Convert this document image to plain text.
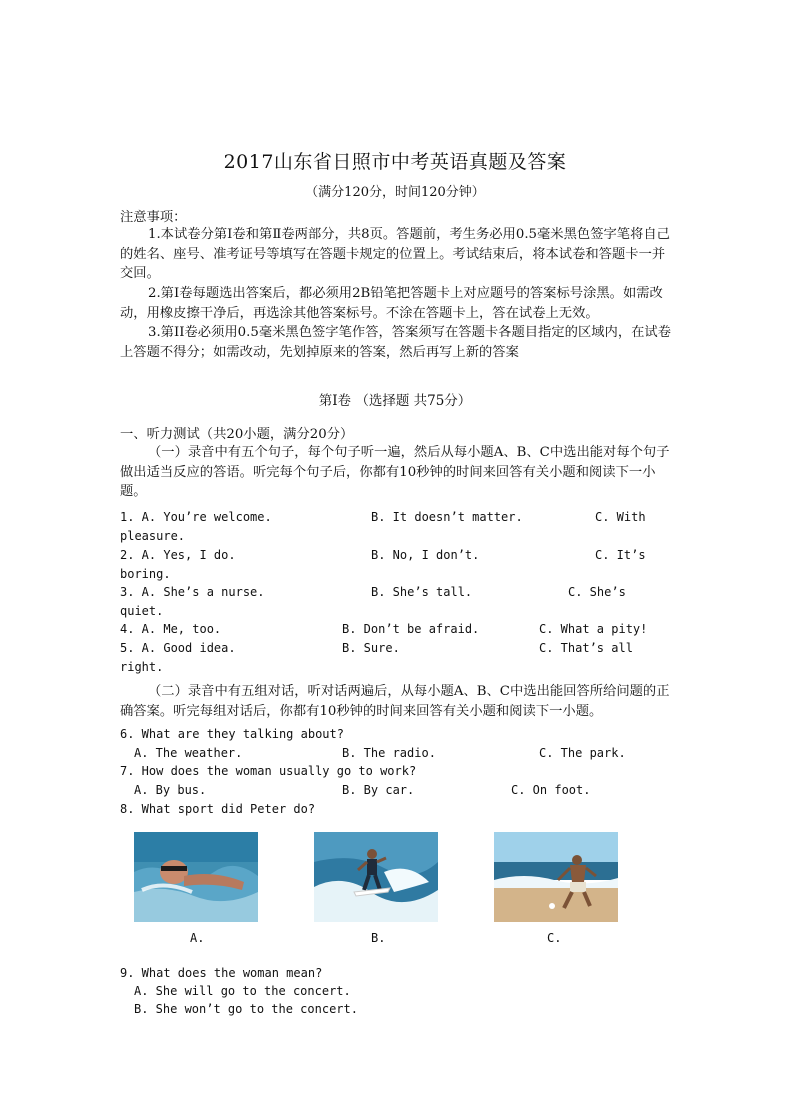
2017山东省日照市中考英语真题及答案
（满分120分，时间120分钟）
注意事项：
1.本试卷分第Ⅰ卷和第Ⅱ卷两部分，共8页。答题前，考生务必用0.5毫米黑色签字笔将自己的姓名、座号、准考证号等填写在答题卡规定的位置上。考试结束后，将本试卷和答题卡一并交回。
2.第Ⅰ卷每题选出答案后，都必须用2B铅笔把答题卡上对应题号的答案标号涂黑。如需改动，用橡皮擦干净后，再选涂其他答案标号。不涂在答题卡上，答在试卷上无效。
3.第II卷必须用0.5毫米黑色签字笔作答，答案须写在答题卡各题目指定的区域内，在试卷上答题不得分；如需改动，先划掉原来的答案，然后再写上新的答案
第Ⅰ卷 （选择题 共75分）
一、听力测试（共20小题，满分20分）
（一）录音中有五个句子，每个句子听一遍，然后从每小题A、B、C中选出能对每个句子做出适当反应的答语。听完每个句子后，你都有10秒钟的时间来回答有关小题和阅读下一小题。
1. A. You’re welcome.	B. It doesn’t matter.	C. With
pleasure.
2. A. Yes, I do.	B. No, I don’t.	C. It’s
boring.
3. A. She’s a nurse.	B. She’s tall.	C. She’s
quiet.
4. A. Me, too.	B. Don’t be afraid.	C. What a pity!
5. A. Good idea.	B. Sure.	C. That’s all
right.
（二）录音中有五组对话，听对话两遍后，从每小题A、B、C中选出能回答所给问题的正确答案。听完每组对话后，你都有10秒钟的时间来回答有关小题和阅读下一小题。
6. What are they talking about?
A. The weather.	B. The radio.	C. The park.
7. How does the woman usually go to work?
A. By bus.	B. By car.	C. On foot.
8. What sport did Peter do?
A.	B.	C.
9. What does the woman mean?
A. She will go to the concert.
B. She won’t go to the concert.
